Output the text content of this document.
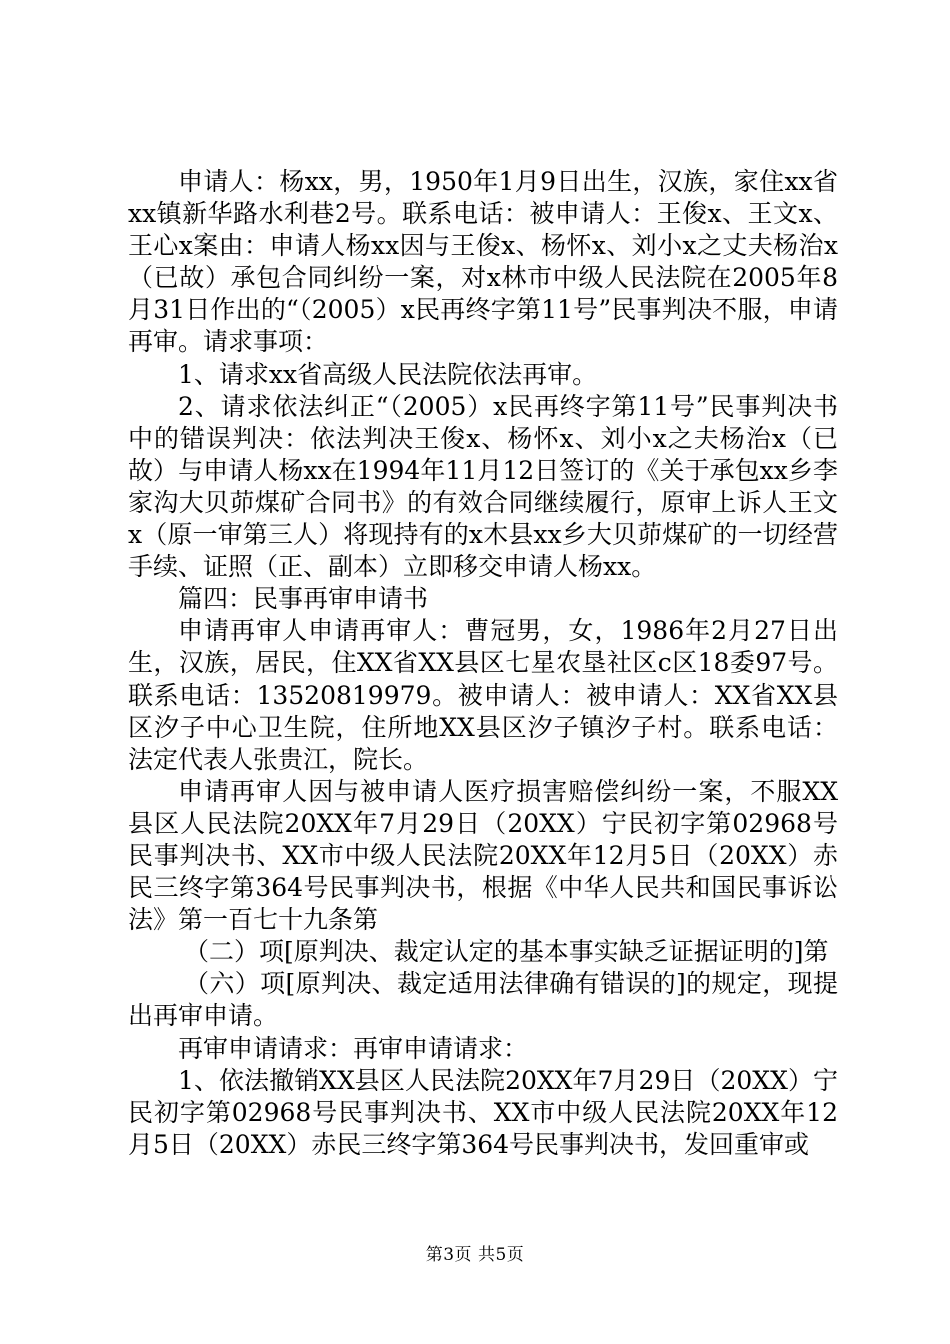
申请人：杨xx，男，1950年1月9日出生，汉族，家住xx省xx镇新华路水利巷2号。联系电话：被申请人：王俊x、王文x、王心x案由：申请人杨xx因与王俊x、杨怀x、刘小x之丈夫杨治x（已故）承包合同纠纷一案，对x林市中级人民法院在2005年8月31日作出的“（2005）x民再终字第11号”民事判决不服，申请再审。请求事项：

1、请求xx省高级人民法院依法再审。

2、请求依法纠正“（2005）x民再终字第11号”民事判决书中的错误判决：依法判决王俊x、杨怀x、刘小x之夫杨治x（已故）与申请人杨xx在1994年11月12日签订的《关于承包xx乡李家沟大贝茆煤矿合同书》的有效合同继续履行，原审上诉人王文x（原一审第三人）将现持有的x木县xx乡大贝茆煤矿的一切经营手续、证照（正、副本）立即移交申请人杨xx。

篇四：民事再审申请书

申请再审人申请再审人：曹冠男，女，1986年2月27日出生，汉族，居民，住XX省XX县区七星农垦社区c区18委97号。联系电话：13520819979。被申请人：被申请人：XX省XX县区汐子中心卫生院，住所地XX县区汐子镇汐子村。联系电话：法定代表人张贵江，院长。

申请再审人因与被申请人医疗损害赔偿纠纷一案，不服XX县区人民法院20XX年7月29日（20XX）宁民初字第02968号民事判决书、XX市中级人民法院20XX年12月5日（20XX）赤民三终字第364号民事判决书，根据《中华人民共和国民事诉讼法》第一百七十九条第

（二）项[原判决、裁定认定的基本事实缺乏证据证明的]第

（六）项[原判决、裁定适用法律确有错误的]的规定，现提出再审申请。

再审申请请求：再审申请请求：

1、依法撤销XX县区人民法院20XX年7月29日（20XX）宁民初字第02968号民事判决书、XX市中级人民法院20XX年12月5日（20XX）赤民三终字第364号民事判决书，发回重审或

第3页 共5页
